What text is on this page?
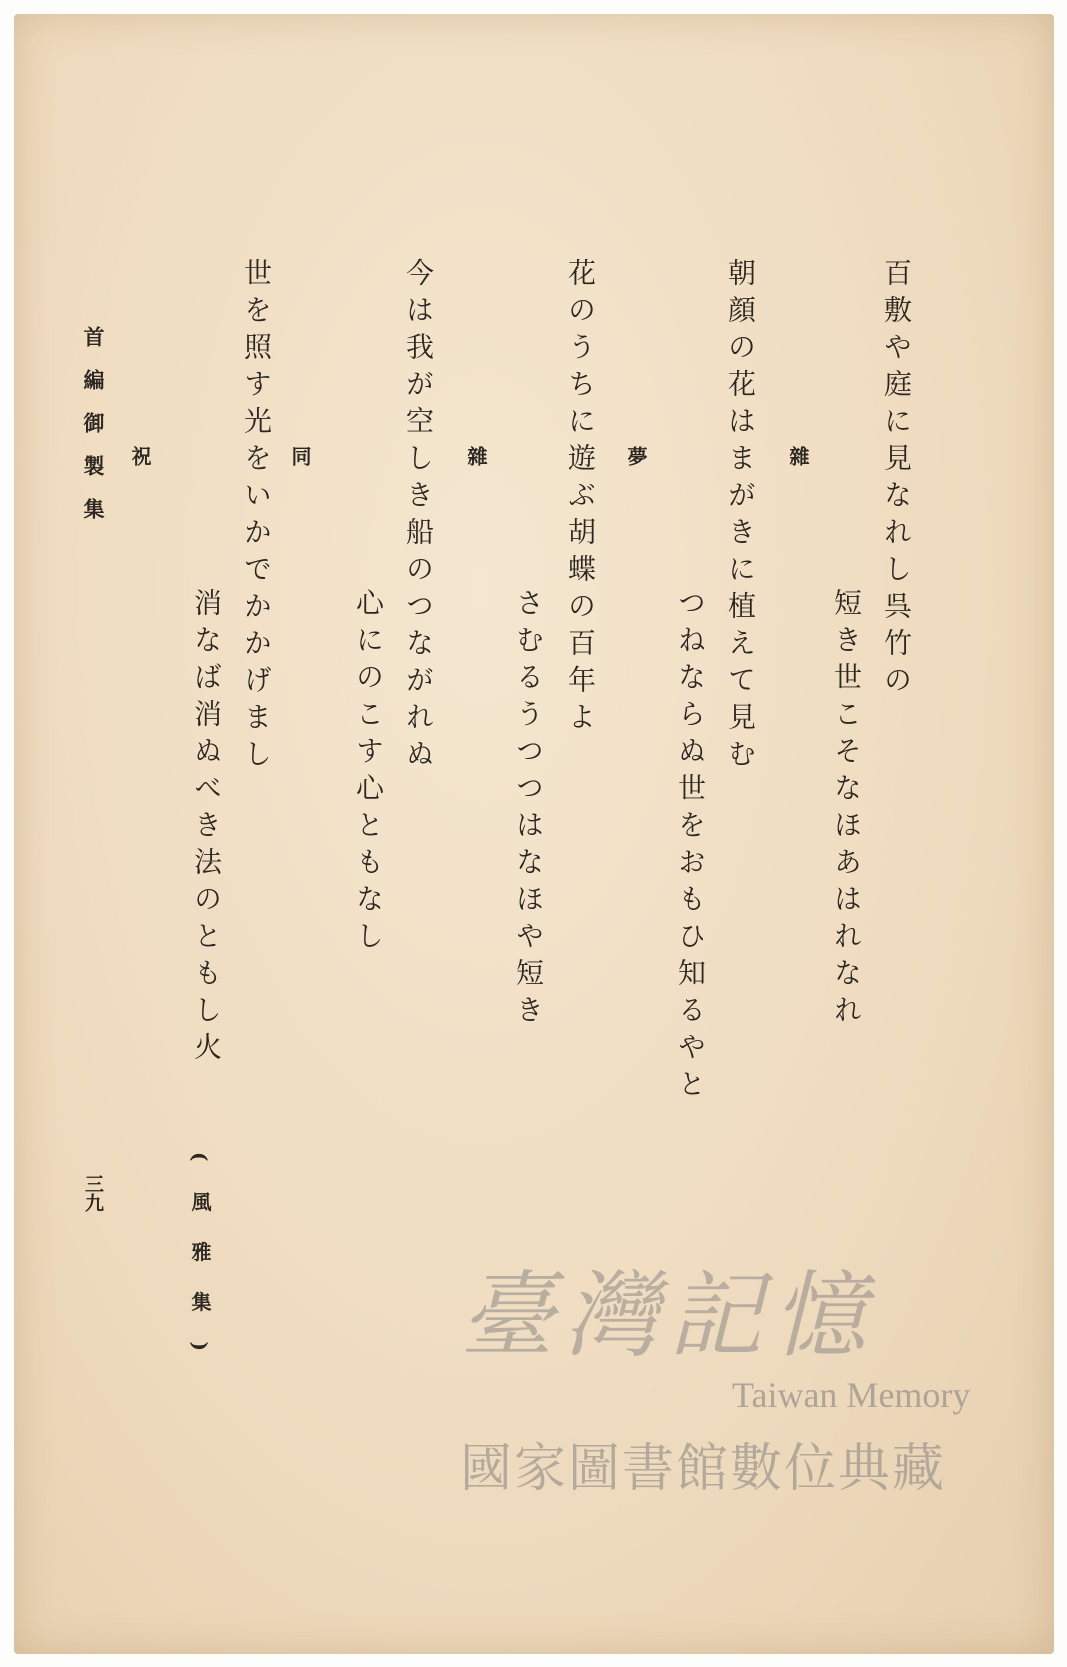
百敷や庭に見なれし呉竹の
短き世こそなほあはれなれ
雜
朝顔の花はまがきに植えて見む
つねならぬ世をおもひ知るやと
夢
花のうちに遊ぶ胡蝶の百年よ
さむるうつつはなほや短き
雜
今は我が空しき船のつながれぬ
心にのこす心ともなし
同
世を照す光をいかでかかげまし
消なば消ぬべき法のともし火
祝
(風雅集)
首編御製集
三九
臺灣記憶
Taiwan Memory
國家圖書館數位典藏
